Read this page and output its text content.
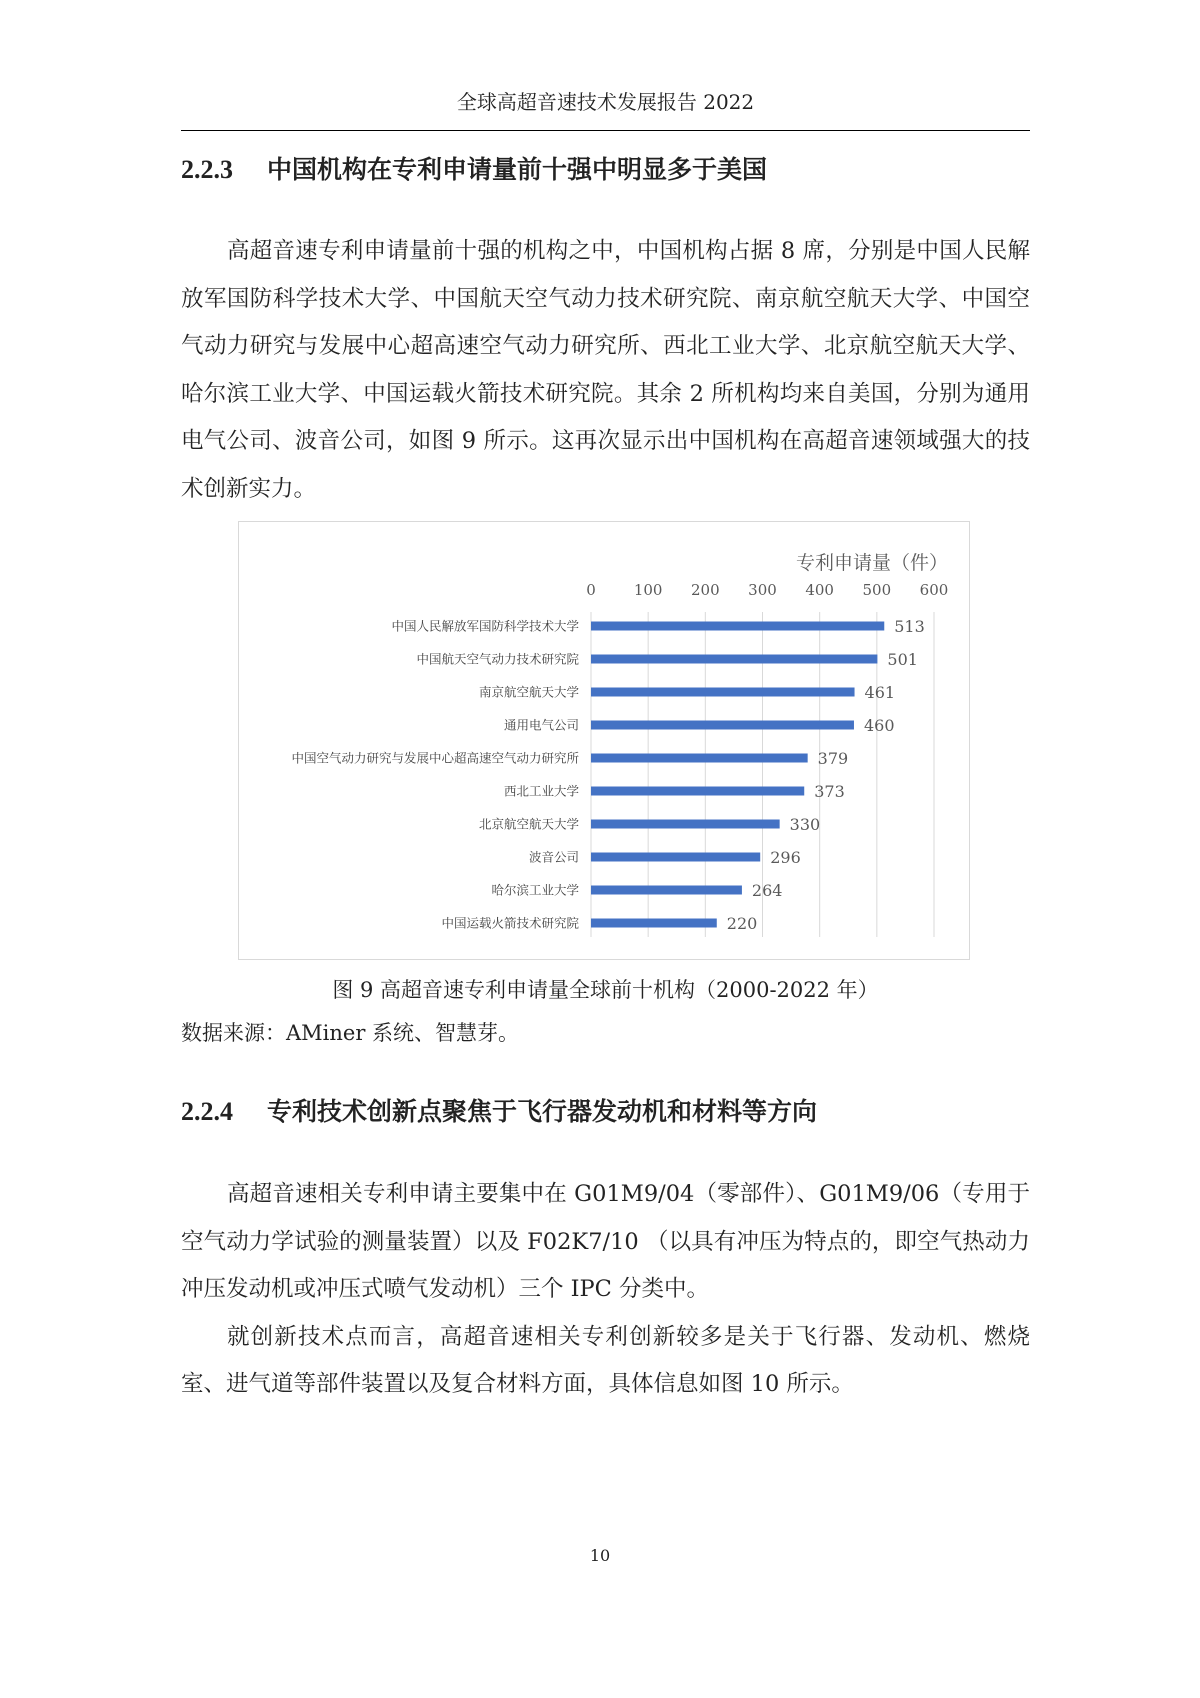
全球高超音速技术发展报告 2022
2.2.3 中国机构在专利申请量前十强中明显多于美国

高超音速专利申请量前十强的机构之中，中国机构占据 8 席，分别是中国人民解放军国防科学技术大学、中国航天空气动力技术研究院、南京航空航天大学、中国空气动力研究与发展中心超高速空气动力研究所、西北工业大学、北京航空航天大学、哈尔滨工业大学、中国运载火箭技术研究院。其余 2 所机构均来自美国，分别为通用电气公司、波音公司，如图 9 所示。这再次显示出中国机构在高超音速领域强大的技术创新实力。

专利申请量（件）
0	100 200 300 400 500 600
中国人民解放军国防科学技术大学	513
中国航天空气动力技术研究院	501
南京航空航天大学	461
通用电气公司	460
中国空气动力研究与发展中心超高速空气动力研究所	379
西北工业大学	373
北京航空航天大学	330
波音公司	296
哈尔滨工业大学	264
中国运载火箭技术研究院	220
图 9 高超音速专利申请量全球前十机构（2000-2022 年）
数据来源：AMiner 系统、智慧芽。
2.2.4 专利技术创新点聚焦于飞行器发动机和材料等方向

高超音速相关专利申请主要集中在 G01M9/04（零部件）、G01M9/06（专用于空气动力学试验的测量装置）以及 F02K7/10 （以具有冲压为特点的，即空气热动力冲压发动机或冲压式喷气发动机）三个 IPC 分类中。

就创新技术点而言，高超音速相关专利创新较多是关于飞行器、发动机、燃烧室、进气道等部件装置以及复合材料方面，具体信息如图 10 所示。

10
